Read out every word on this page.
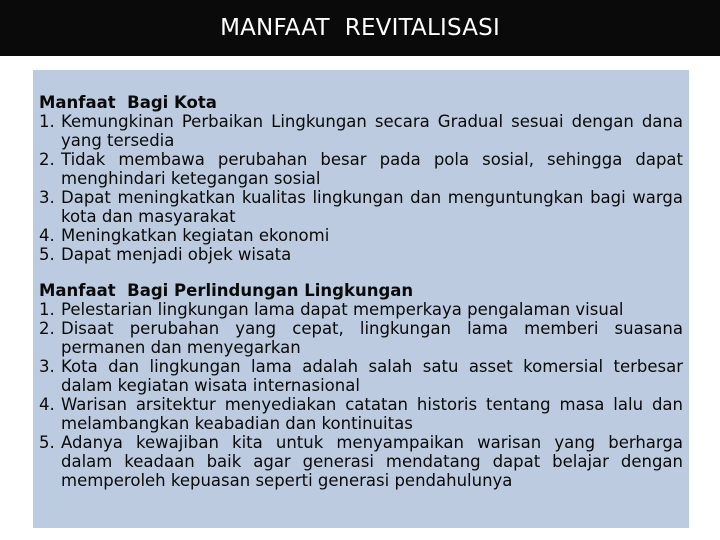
MANFAAT  REVITALISASI
Manfaat  Bagi Kota
1. Kemungkinan Perbaikan Lingkungan secara Gradual sesuai dengan dana yang tersedia
2. Tidak membawa perubahan besar pada pola sosial, sehingga dapat menghindari ketegangan sosial
3. Dapat meningkatkan kualitas lingkungan dan menguntungkan bagi warga kota dan masyarakat
4. Meningkatkan kegiatan ekonomi
5. Dapat menjadi objek wisata
Manfaat  Bagi Perlindungan Lingkungan
1. Pelestarian lingkungan lama dapat memperkaya pengalaman visual
2. Disaat perubahan yang cepat, lingkungan lama memberi suasana permanen dan menyegarkan
3. Kota dan lingkungan lama adalah salah satu asset komersial terbesar dalam kegiatan wisata internasional
4. Warisan arsitektur menyediakan catatan historis tentang masa lalu dan melambangkan keabadian dan kontinuitas
5. Adanya kewajiban kita untuk menyampaikan warisan yang berharga dalam keadaan baik agar generasi mendatang dapat belajar dengan memperoleh kepuasan seperti generasi pendahulunya
